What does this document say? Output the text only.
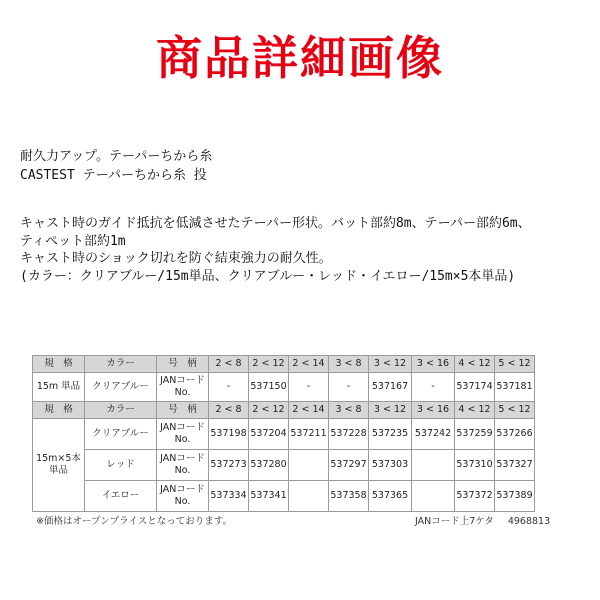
商品詳細画像
耐久力アップ。テーパーちから糸
CASTEST テーパーちから糸 投
キャスト時のガイド抵抗を低減させたテーパー形状。バット部約8m、テーパー部約6m、
ティペット部約1m
キャスト時のショック切れを防ぐ結束強力の耐久性。
(カラー：クリアブルー/15m単品、クリアブルー・レッド・イエロー/15m×5本単品)
規　格	カラー	号　柄	2 < 8	2 < 12	2 < 14	3 < 8	3 < 12	3 < 16	4 < 12	5 < 12
15m 単品	クリアブルー	JANコード No.	-	537150	-	-	537167	-	537174	537181
規　格	カラー	号　柄	2 < 8	2 < 12	2 < 14	3 < 8	3 < 12	3 < 16	4 < 12	5 < 12
15m×5本 単品	クリアブルー	JANコード No.	537198	537204	537211	537228	537235	537242	537259	537266
	レッド	JANコード No.	537273	537280		537297	537303		537310	537327
	イエロー	JANコード No.	537334	537341		537358	537365		537372	537389
※価格はオープンプライスとなっております。	JANコード上7ケタ 4968813
